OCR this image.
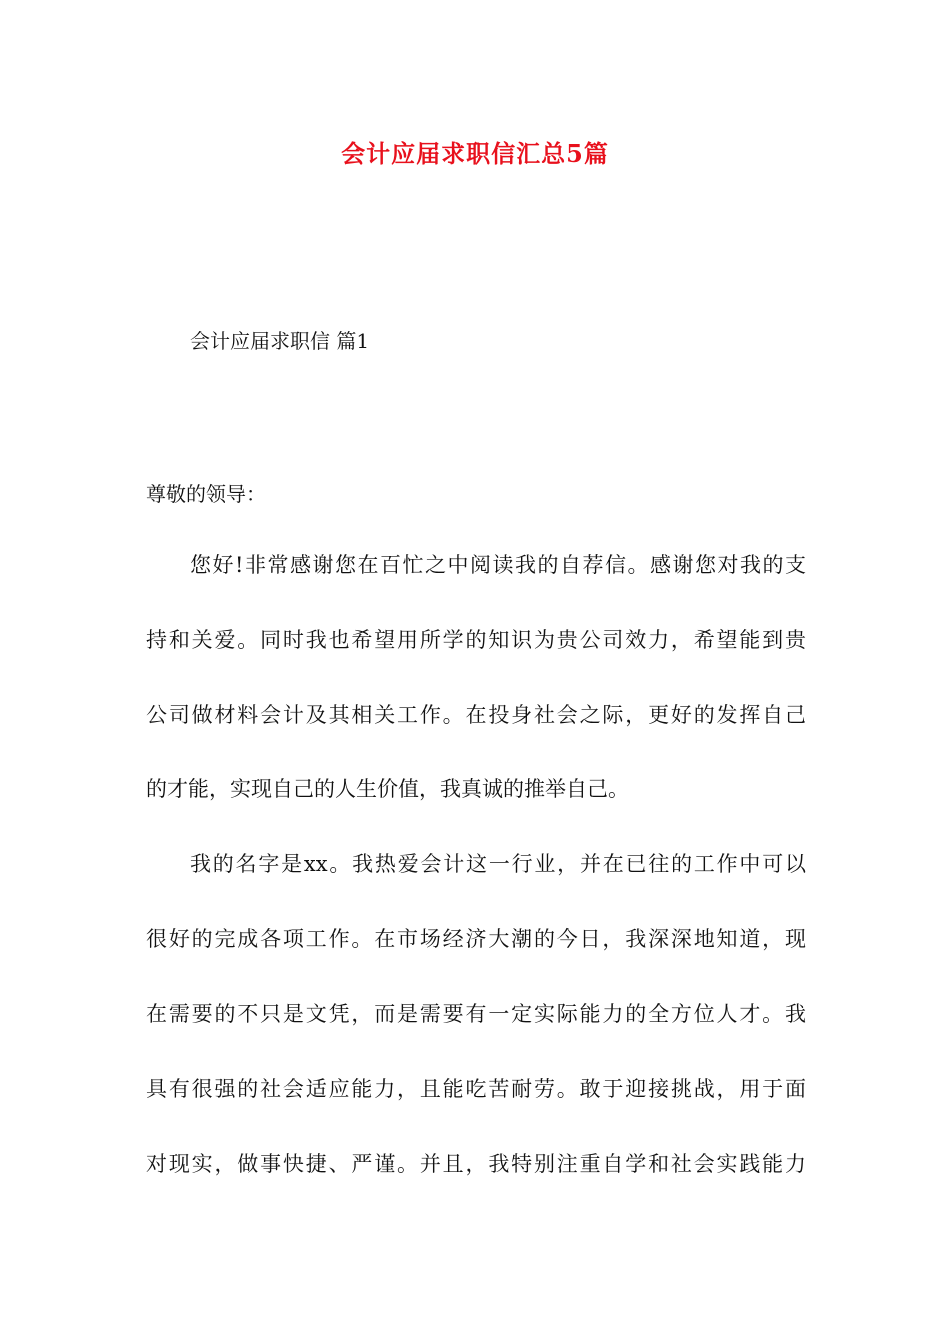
会计应届求职信汇总5篇
会计应届求职信 篇1
尊敬的领导：
您好!非常感谢您在百忙之中阅读我的自荐信。感谢您对我的支
持和关爱。同时我也希望用所学的知识为贵公司效力，希望能到贵
公司做材料会计及其相关工作。在投身社会之际，更好的发挥自己
的才能，实现自己的人生价值，我真诚的推举自己。
我的名字是xx。我热爱会计这一行业，并在已往的工作中可以
很好的完成各项工作。在市场经济大潮的今日，我深深地知道，现
在需要的不只是文凭，而是需要有一定实际能力的全方位人才。我
具有很强的社会适应能力，且能吃苦耐劳。敢于迎接挑战，用于面
对现实，做事快捷、严谨。并且，我特别注重自学和社会实践能力
